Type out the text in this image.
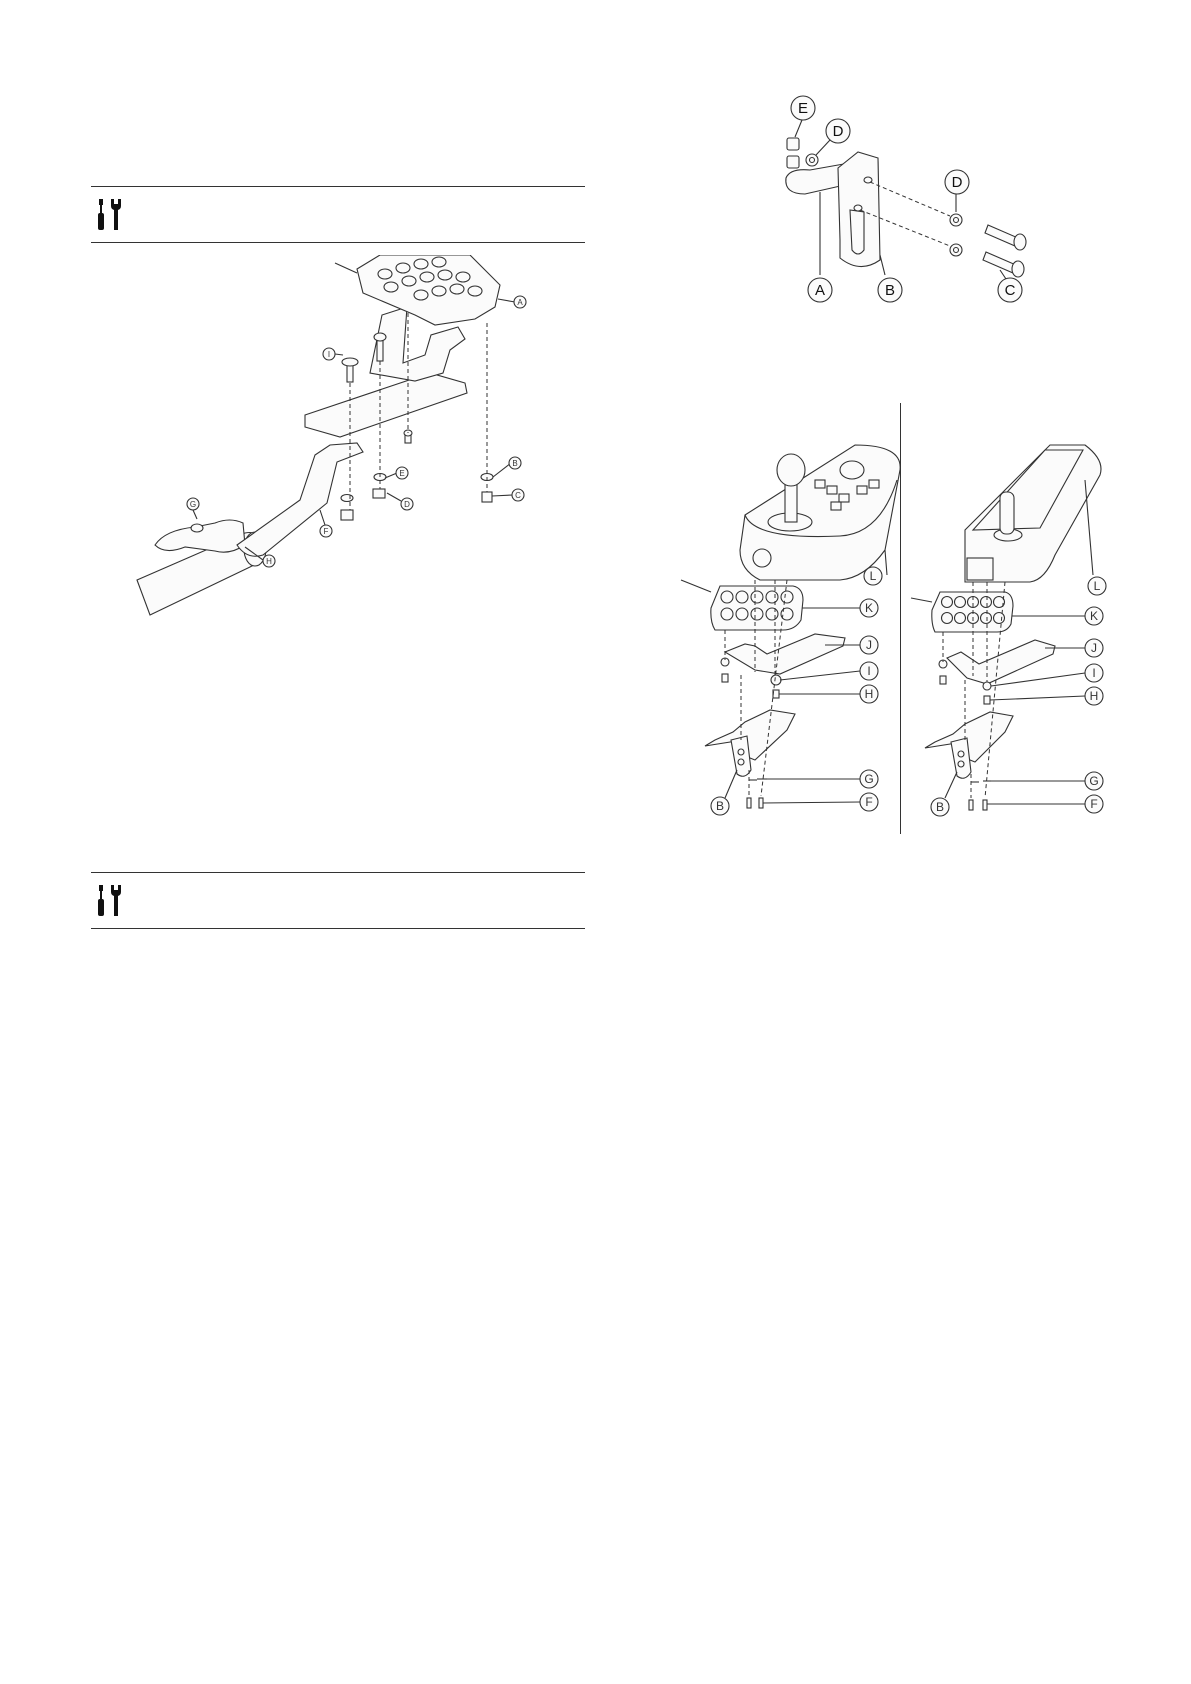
A
B
C
D
E
F
G
H
I
E
D
D
A	B	C
L
K
J
I
H
G
F
B
L
K
J
I
H
G
F
B
